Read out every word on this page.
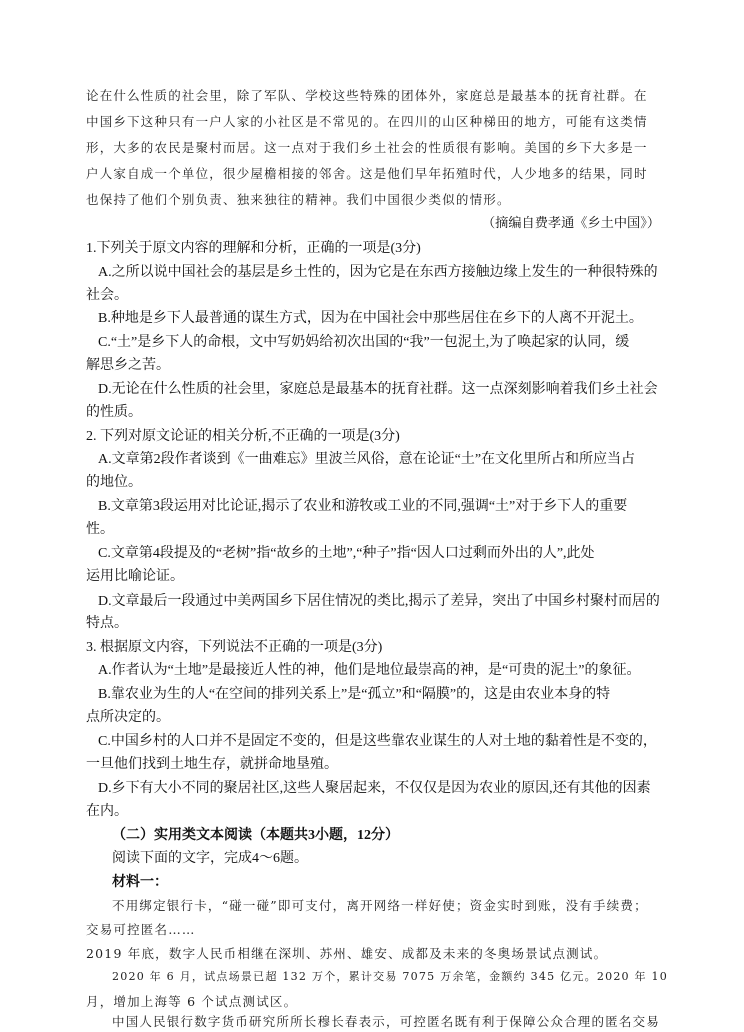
论在什么性质的社会里，除了军队、学校这些特殊的团体外，家庭总是最基本的抚育社群。在
中国乡下这种只有一户人家的小社区是不常见的。在四川的山区种梯田的地方，可能有这类情
形，大多的农民是聚村而居。这一点对于我们乡土社会的性质很有影响。美国的乡下大多是一
户人家自成一个单位，很少屋檐相接的邻舍。这是他们早年拓殖时代，人少地多的结果，同时
也保持了他们个别负责、独来独往的精神。我们中国很少类似的情形。
（摘编自费孝通《乡土中国》）
1.下列关于原文内容的理解和分析，正确的一项是(3分)
A.之所以说中国社会的基层是乡土性的，因为它是在东西方接触边缘上发生的一种很特殊的
社会。
B.种地是乡下人最普通的谋生方式，因为在中国社会中那些居住在乡下的人离不开泥土。
C.“土”是乡下人的命根，文中写奶妈给初次出国的“我”一包泥土,为了唤起家的认同，缓
解思乡之苦。
D.无论在什么性质的社会里，家庭总是最基本的抚育社群。这一点深刻影响着我们乡土社会
的性质。
2. 下列对原文论证的相关分析,不正确的一项是(3分)
A.文章第2段作者谈到《一曲难忘》里波兰风俗，意在论证“土”在文化里所占和所应当占
的地位。
B.文章第3段运用对比论证,揭示了农业和游牧或工业的不同,强调“土”对于乡下人的重要
性。
C.文章第4段提及的“老树”指“故乡的土地”,“种子”指“因人口过剩而外出的人”,此处
运用比喻论证。
D.文章最后一段通过中美两国乡下居住情况的类比,揭示了差异，突出了中国乡村聚村而居的
特点。
3. 根据原文内容，下列说法不正确的一项是(3分)
A.作者认为“土地”是最接近人性的神，他们是地位最崇高的神，是“可贵的泥土”的象征。
B.靠农业为生的人“在空间的排列关系上”是“孤立”和“隔膜”的，这是由农业本身的特
点所决定的。
C.中国乡村的人口并不是固定不变的，但是这些靠农业谋生的人对土地的黏着性是不变的，
一旦他们找到土地生存，就拼命地垦殖。
D.乡下有大小不同的聚居社区,这些人聚居起来，不仅仅是因为农业的原因,还有其他的因素
在内。
（二）实用类文本阅读（本题共3小题，12分）
阅读下面的文字，完成4～6题。
材料一：
不用绑定银行卡，“碰一碰”即可支付，离开网络一样好使；资金实时到账，没有手续费；
交易可控匿名……
2019 年底，数字人民币相继在深圳、苏州、雄安、成都及未来的冬奥场景试点测试。
2020 年 6 月，试点场景已超 132 万个，累计交易 7075 万余笔，金额约 345 亿元。2020 年 10
月，增加上海等 6 个试点测试区。
中国人民银行数字货币研究所所长穆长春表示，可控匿名既有利于保障公众合理的匿名交易
